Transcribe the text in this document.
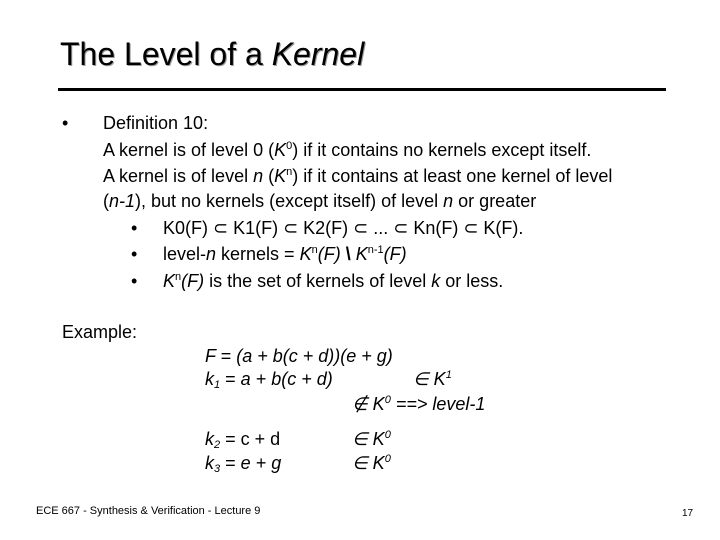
The Level of a Kernel
• Definition 10:
A kernel is of level 0 $(K^0)$ if it contains no kernels except itself.
A kernel is of level n $(K^n)$ if it contains at least one kernel of level
(n-1), but no kernels (except itself) of level n or greater
• K0(F) ⊂ K1(F) ⊂ K2(F) ⊂ ... ⊂ Kn(F) ⊂ K(F).
• level-n kernels = $K^n(F)$ \ $K^{n-1}(F)$
• $K^n(F)$ is the set of kernels of level k or less.
Example:
F = (a + b(c + d))(e + g)
$k_1 = a + b(c + d)$	∈ $K^1$
∉ $K^0$ ==> level-1
$k_2 = c + d$	∈ $K^0$
$k_3 = e + g$	∈ $K^0$
ECE 667 - Synthesis & Verification - Lecture 9	17
